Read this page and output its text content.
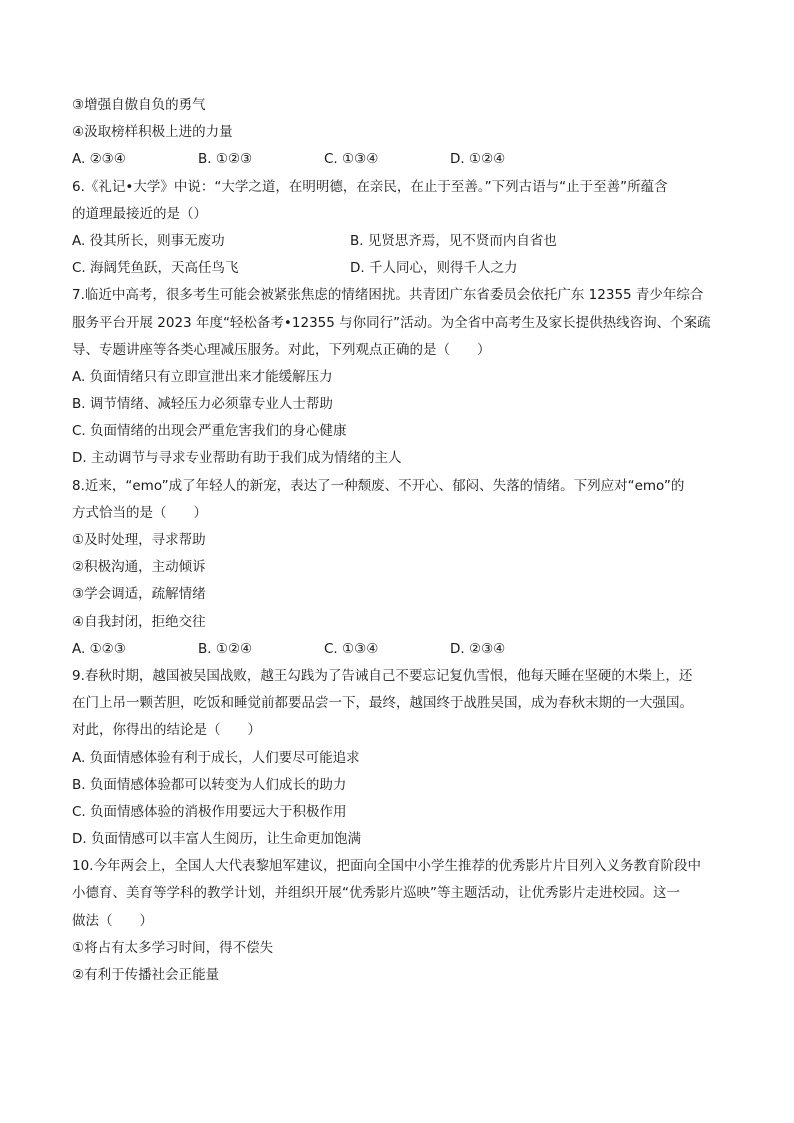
③增强自傲自负的勇气
④汲取榜样积极上进的力量
A. ②③④	B. ①②③	C. ①③④	D. ①②④
6.《礼记•大学》中说：“大学之道，在明明德，在亲民，在止于至善。”下列古语与“止于至善”所蕴含
的道理最接近的是（）
A. 役其所长，则事无废功	B. 见贤思齐焉，见不贤而内自省也
C. 海阔凭鱼跃，天高任鸟飞	D. 千人同心，则得千人之力
7.临近中高考，很多考生可能会被紧张焦虑的情绪困扰。共青团广东省委员会依托广东 12355 青少年综合
服务平台开展 2023 年度“轻松备考•12355 与你同行”活动。为全省中高考生及家长提供热线咨询、个案疏
导、专题讲座等各类心理减压服务。对此，下列观点正确的是（　　）
A. 负面情绪只有立即宣泄出来才能缓解压力
B. 调节情绪、减轻压力必须靠专业人士帮助
C. 负面情绪的出现会严重危害我们的身心健康
D. 主动调节与寻求专业帮助有助于我们成为情绪的主人
8.近来，“emo”成了年轻人的新宠，表达了一种颓废、不开心、郁闷、失落的情绪。下列应对“emo”的
方式恰当的是（　　）
①及时处理，寻求帮助
②积极沟通，主动倾诉
③学会调适，疏解情绪
④自我封闭，拒绝交往
A. ①②③	B. ①②④	C. ①③④	D. ②③④
9.春秋时期，越国被吴国战败，越王勾践为了告诫自己不要忘记复仇雪恨，他每天睡在坚硬的木柴上，还
在门上吊一颗苦胆，吃饭和睡觉前都要品尝一下，最终，越国终于战胜吴国，成为春秋末期的一大强国。
对此，你得出的结论是（　　）
A. 负面情感体验有利于成长，人们要尽可能追求
B. 负面情感体验都可以转变为人们成长的助力
C. 负面情感体验的消极作用要远大于积极作用
D. 负面情感可以丰富人生阅历，让生命更加饱满
10.今年两会上，全国人大代表黎旭军建议，把面向全国中小学生推荐的优秀影片片目列入义务教育阶段中
小德育、美育等学科的教学计划，并组织开展“优秀影片巡映”等主题活动，让优秀影片走进校园。这一
做法（　　）
①将占有太多学习时间，得不偿失
②有利于传播社会正能量
